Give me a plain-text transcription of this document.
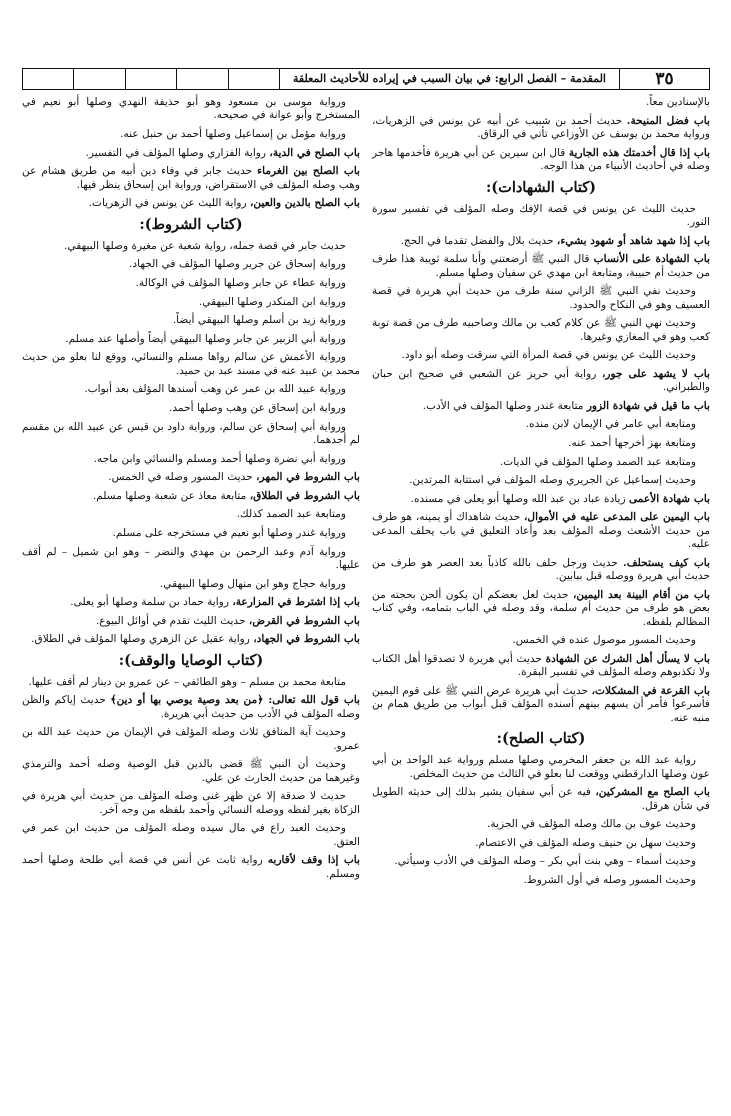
٣٥
المقدمة – الفصل الرابع: في بيان السبب في إيراده للأحاديث المعلقة

بالإسنادين معاً.

باب فضل المنيحة. حديث أحمد بن شبيب عن أبيه عن يونس في الزهريات، ورواية محمد بن يوسف عن الأوزاعي تأتي في الرقاق.

باب إذا قال أخدمتك هذه الجارية قال ابن سيرين عن أبي هريرة فأخدمها هاجر وصله في أحاديث الأنبياء من هذا الوجه.

(كتاب الشهادات):

حديث الليث عن يونس في قصة الإفك وصله المؤلف في تفسير سورة النور.

باب إذا شهد شاهد أو شهود بشيء، حديث بلال والفضل تقدما في الحج.

باب الشهادة على الأنساب قال النبي ﷺ أرضعتني وأبا سلمة ثويبة هذا طرف من حديث أم حبيبة، ومتابعة ابن مهدي عن سفيان وصلها مسلم.

وحديث نفي النبي ﷺ الزاني سنة طرف من حديث أبي هريرة في قصة العسيف وهو في النكاح والحدود.

وحديث نهي النبي ﷺ عن كلام كعب بن مالك وصاحبيه طرف من قصة توبة كعب وهو في المغازي وغيرها.

وحديث الليث عن يونس في قصة المرأة التي سرقت وصله أبو داود.

باب لا يشهد على جور، رواية أبي حريز عن الشعبي في صحيح ابن حبان والطبراني.

باب ما قيل في شهادة الزور متابعة غندر وصلها المؤلف في الأدب.

ومتابعة أبي عامر في الإيمان لابن منده.

ومتابعة بهز أخرجها أحمد عنه.

ومتابعة عبد الصمد وصلها المؤلف في الديات.

وحديث إسماعيل عن الجريري وصله المؤلف في استتابة المرتدين.

باب شهادة الأعمى زيادة عباد بن عبد الله وصلها أبو يعلى في مسنده.

باب اليمين على المدعى عليه في الأموال، حديث شاهداك أو يمينه، هو طرف من حديث الأشعث وصله المؤلف بعد وأعاد التعليق في باب يحلف المدعى عليه.

باب كيف يستحلف. حديث ورجل حلف بالله كاذباً بعد العصر هو طرف من حديث أبي هريرة ووصله قبل ببابين.

باب من أقام البينة بعد اليمين، حديث لعل بعضكم أن يكون ألحن بحجته من بعض هو طرف من حديث أم سلمة، وقد وصله في الباب بتمامه، وفي كتاب المظالم بلفظه.

وحديث المسور موصول عنده في الخمس.

باب لا يسأل أهل الشرك عن الشهادة حديث أبي هريرة لا تصدقوا أهل الكتاب ولا تكذبوهم وصله المؤلف في تفسير البقرة.

باب القرعة في المشكلات، حديث أبي هريرة عرض النبي ﷺ على قوم اليمين فأسرعوا فأمر أن يسهم بينهم أسنده المؤلف قبل أبواب من طريق همام بن منبه عنه.

(كتاب الصلح):

رواية عبد الله بن جعفر المخرمي وصلها مسلم ورواية عبد الواحد بن أبي عون وصلها الدارقطني ووقعت لنا بعلو في الثالث من حديث المخلص.

باب الصلح مع المشركين، فيه عن أبي سفيان يشير بذلك إلى حديثه الطويل في شأن هرقل.

وحديث عوف بن مالك وصله المؤلف في الجزية.

وحديث سهل بن حنيف وصله المؤلف في الاعتصام.

وحديث أسماء – وهي بنت أبي بكر – وصله المؤلف في الأدب وسيأتي.

وحديث المسور وصله في أول الشروط.

ورواية موسى بن مسعود وهو أبو حذيفة النهدي وصلها أبو نعيم في المستخرج وأبو عوانة في صحيحه.

ورواية مؤمل بن إسماعيل وصلها أحمد بن حنبل عنه.

باب الصلح في الدية، رواية الفزاري وصلها المؤلف في التفسير.

باب الصلح بين الغرماء حديث جابر في وفاء دين أبيه من طريق هشام عن وهب وصله المؤلف في الاستقراض، ورواية ابن إسحاق ينظر فيها.

باب الصلح بالدين والعين، رواية الليث عن يونس في الزهريات.

(كتاب الشروط):

حديث جابر في قصة جمله، رواية شعبة عن مغيرة وصلها البيهقي.

ورواية إسحاق عن جرير وصلها المؤلف في الجهاد.

ورواية عطاء عن جابر وصلها المؤلف في الوكالة.

ورواية ابن المنكدر وصلها البيهقي.

ورواية زيد بن أسلم وصلها البيهقي أيضاً.

ورواية أبي الزبير عن جابر وصلها البيهقي أيضاً وأصلها عند مسلم.

ورواية الأعمش عن سالم رواها مسلم والنسائي، ووقع لنا بعلو من حديث محمد بن عبيد عنه في مسند عبد بن حميد.

ورواية عبيد الله بن عمر عن وهب أسندها المؤلف بعد أبواب.

ورواية ابن إسحاق عن وهب وصلها أحمد.

ورواية أبي إسحاق عن سالم، ورواية داود بن قيس عن عبيد الله بن مقسم لم أجدهما.

ورواية أبي نضرة وصلها أحمد ومسلم والنسائي وابن ماجه.

باب الشروط في المهر، حديث المسور وصله في الخمس.

باب الشروط في الطلاق، متابعة معاذ عن شعبة وصلها مسلم.

ومتابعة عبد الصمد كذلك.

ورواية غندر وصلها أبو نعيم في مستخرجه على مسلم.

ورواية آدم وعبد الرحمن بن مهدي والنضر – وهو ابن شميل – لم أقف عليها.

ورواية حجاج وهو ابن منهال وصلها البيهقي.

باب إذا اشترط في المزارعة، رواية حماد بن سلمة وصلها أبو يعلى.

باب الشروط في القرض، حديث الليث تقدم في أوائل البيوع.

باب الشروط في الجهاد، رواية عقيل عن الزهري وصلها المؤلف في الطلاق.

(كتاب الوصايا والوقف):

متابعة محمد بن مسلم – وهو الطائفي – عن عمرو بن دينار لم أقف عليها.

باب قول الله تعالى: ﴿من بعد وصية يوصي بها أو دين﴾ حديث إياكم والظن وصله المؤلف في الأدب من حديث أبي هريرة.

وحديث آية المنافق ثلاث وصله المؤلف في الإيمان من حديث عبد الله بن عمرو.

وحديث أن النبي ﷺ قضى بالدين قبل الوصية وصله أحمد والترمذي وغيرهما من حديث الحارث عن علي.

حديث لا صدقة إلا عن ظهر غنى وصله المؤلف من حديث أبي هريرة في الزكاة بغير لفظه ووصله النسائي وأحمد بلفظه من وجه آخر.

وحديث العبد راع في مال سيده وصله المؤلف من حديث ابن عمر في العتق.

باب إذا وقف لأقاربه رواية ثابت عن أنس في قصة أبي طلحة وصلها أحمد ومسلم.
